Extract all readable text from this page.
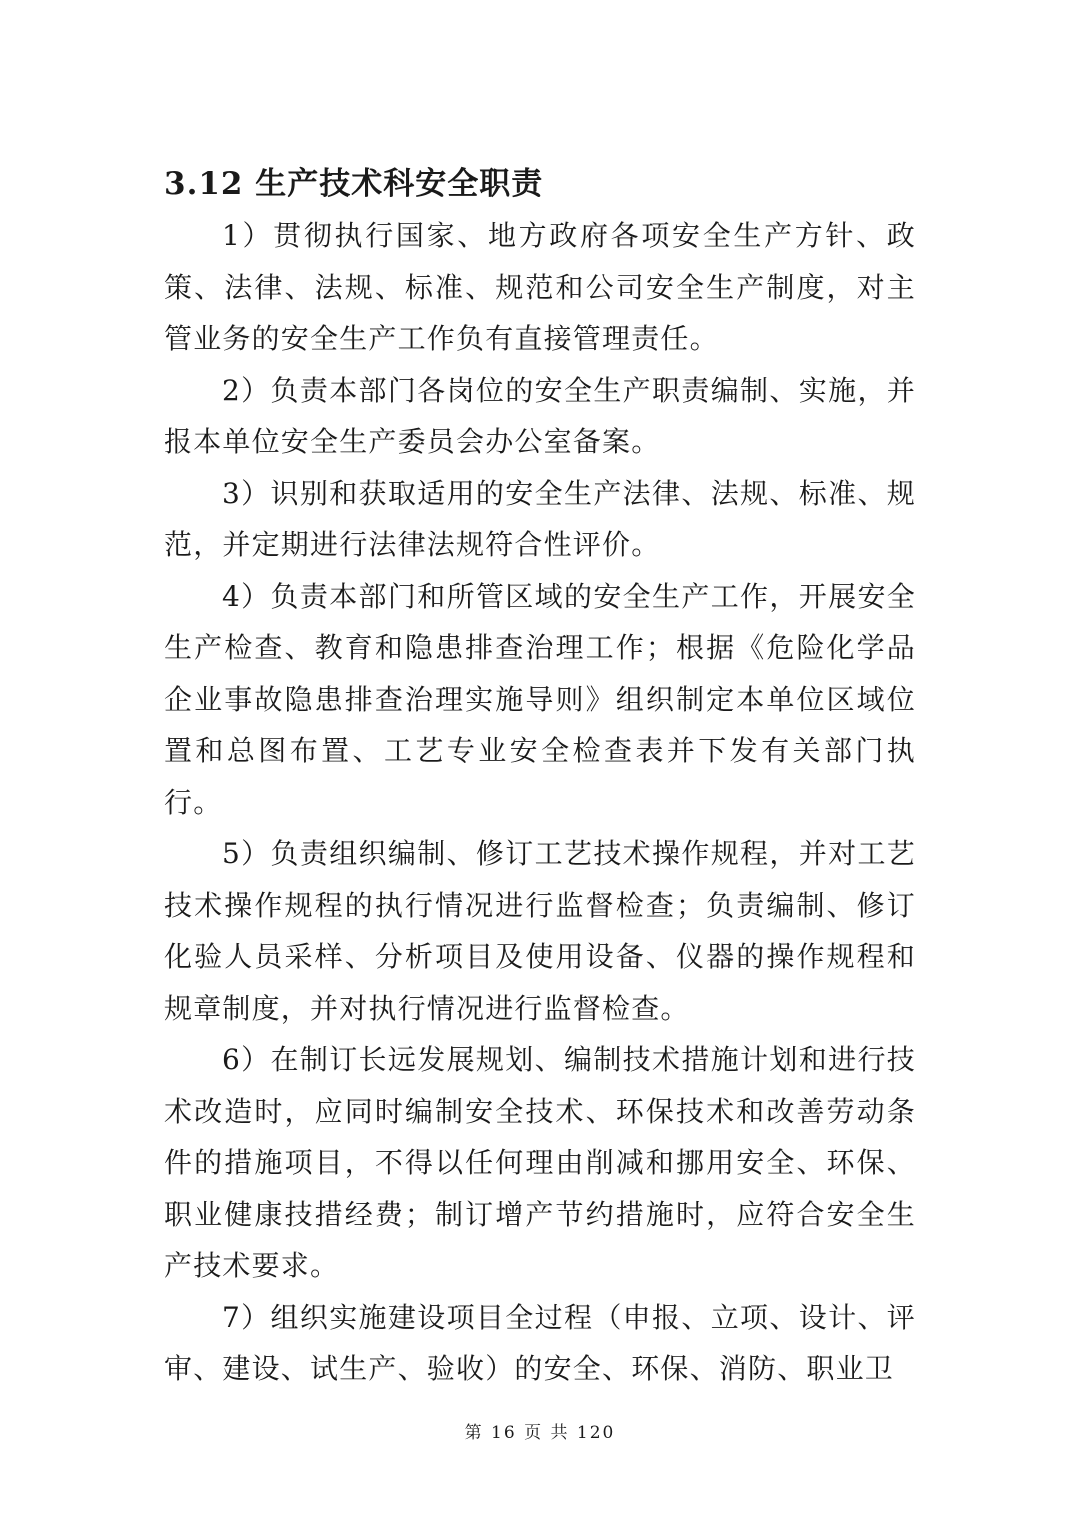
3.12 生产技术科安全职责

1）贯彻执行国家、地方政府各项安全生产方针、政策、法律、法规、标准、规范和公司安全生产制度，对主管业务的安全生产工作负有直接管理责任。

2）负责本部门各岗位的安全生产职责编制、实施，并报本单位安全生产委员会办公室备案。

3）识别和获取适用的安全生产法律、法规、标准、规范，并定期进行法律法规符合性评价。

4）负责本部门和所管区域的安全生产工作，开展安全生产检查、教育和隐患排查治理工作；根据《危险化学品企业事故隐患排查治理实施导则》组织制定本单位区域位置和总图布置、工艺专业安全检查表并下发有关部门执行。

5）负责组织编制、修订工艺技术操作规程，并对工艺技术操作规程的执行情况进行监督检查；负责编制、修订化验人员采样、分析项目及使用设备、仪器的操作规程和规章制度，并对执行情况进行监督检查。

6）在制订长远发展规划、编制技术措施计划和进行技术改造时，应同时编制安全技术、环保技术和改善劳动条件的措施项目，不得以任何理由削减和挪用安全、环保、职业健康技措经费；制订增产节约措施时，应符合安全生产技术要求。

7）组织实施建设项目全过程（申报、立项、设计、评审、建设、试生产、验收）的安全、环保、消防、职业卫

第 16 页 共 120
